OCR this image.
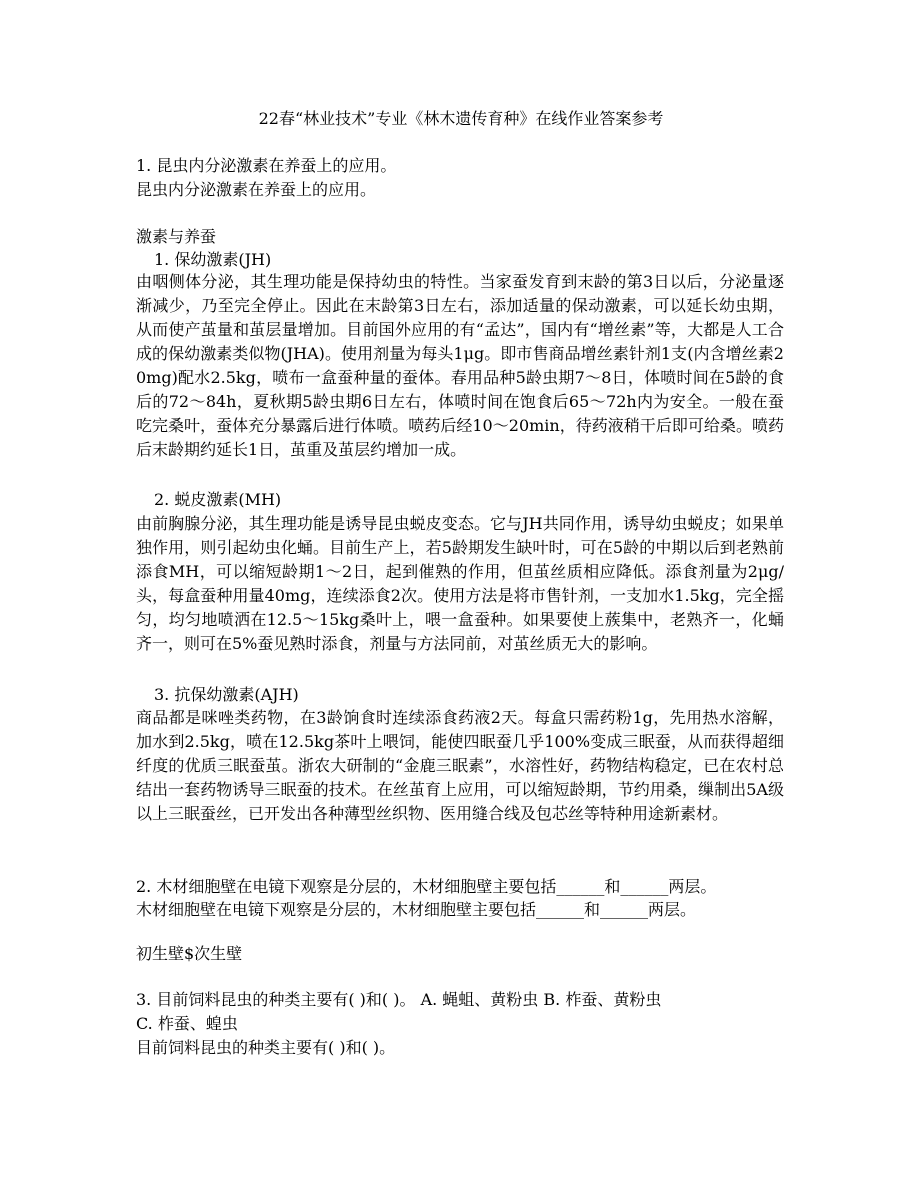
22春“林业技术”专业《林木遗传育种》在线作业答案参考
1. 昆虫内分泌激素在养蚕上的应用。
昆虫内分泌激素在养蚕上的应用。
激素与养蚕
1. 保幼激素(JH)
由咽侧体分泌，其生理功能是保持幼虫的特性。当家蚕发育到末龄的第3日以后，分泌量逐渐减少，乃至完全停止。因此在末龄第3日左右，添加适量的保动激素，可以延长幼虫期，从而使产茧量和茧层量增加。目前国外应用的有“孟达”，国内有“增丝素”等，大都是人工合成的保幼激素类似物(JHA)。使用剂量为每头1μg。即市售商品增丝素针剂1支(内含增丝素20mg)配水2.5kg，喷布一盒蚕种量的蚕体。春用品种5龄虫期7～8日，体喷时间在5龄的食后的72～84h，夏秋期5龄虫期6日左右，体喷时间在饱食后65～72h内为安全。一般在蚕吃完桑叶，蚕体充分暴露后进行体喷。喷药后经10～20min，待药液稍干后即可给桑。喷药后末龄期约延长1日，茧重及茧层约增加一成。
2. 蜕皮激素(MH)
由前胸腺分泌，其生理功能是诱导昆虫蜕皮变态。它与JH共同作用，诱导幼虫蜕皮；如果单独作用，则引起幼虫化蛹。目前生产上，若5龄期发生缺叶时，可在5龄的中期以后到老熟前添食MH，可以缩短龄期1～2日，起到催熟的作用，但茧丝质相应降低。添食剂量为2μg/头，每盒蚕种用量40mg，连续添食2次。使用方法是将市售针剂，一支加水1.5kg，完全摇匀，均匀地喷洒在12.5～15kg桑叶上，喂一盒蚕种。如果要使上蔟集中，老熟齐一，化蛹齐一，则可在5%蚕见熟时添食，剂量与方法同前，对茧丝质无大的影响。
3. 抗保幼激素(AJH)
商品都是咪唑类药物，在3龄饷食时连续添食药液2天。每盒只需药粉1g，先用热水溶解，加水到2.5kg，喷在12.5kg茶叶上喂饲，能使四眠蚕几乎100%变成三眠蚕，从而获得超细纤度的优质三眠蚕茧。浙农大研制的“金鹿三眠素”，水溶性好，药物结构稳定，已在农村总结出一套药物诱导三眠蚕的技术。在丝茧育上应用，可以缩短龄期，节约用桑，缫制出5A级以上三眠蚕丝，已开发出各种薄型丝织物、医用缝合线及包芯丝等特种用途新素材。
2. 木材细胞壁在电镜下观察是分层的，木材细胞壁主要包括______和______两层。
木材细胞壁在电镜下观察是分层的，木材细胞壁主要包括______和______两层。
初生壁$次生壁
3. 目前饲料昆虫的种类主要有( )和( )。 A. 蝇蛆、黄粉虫 B. 柞蚕、黄粉虫
C. 柞蚕、蝗虫
目前饲料昆虫的种类主要有( )和( )。
